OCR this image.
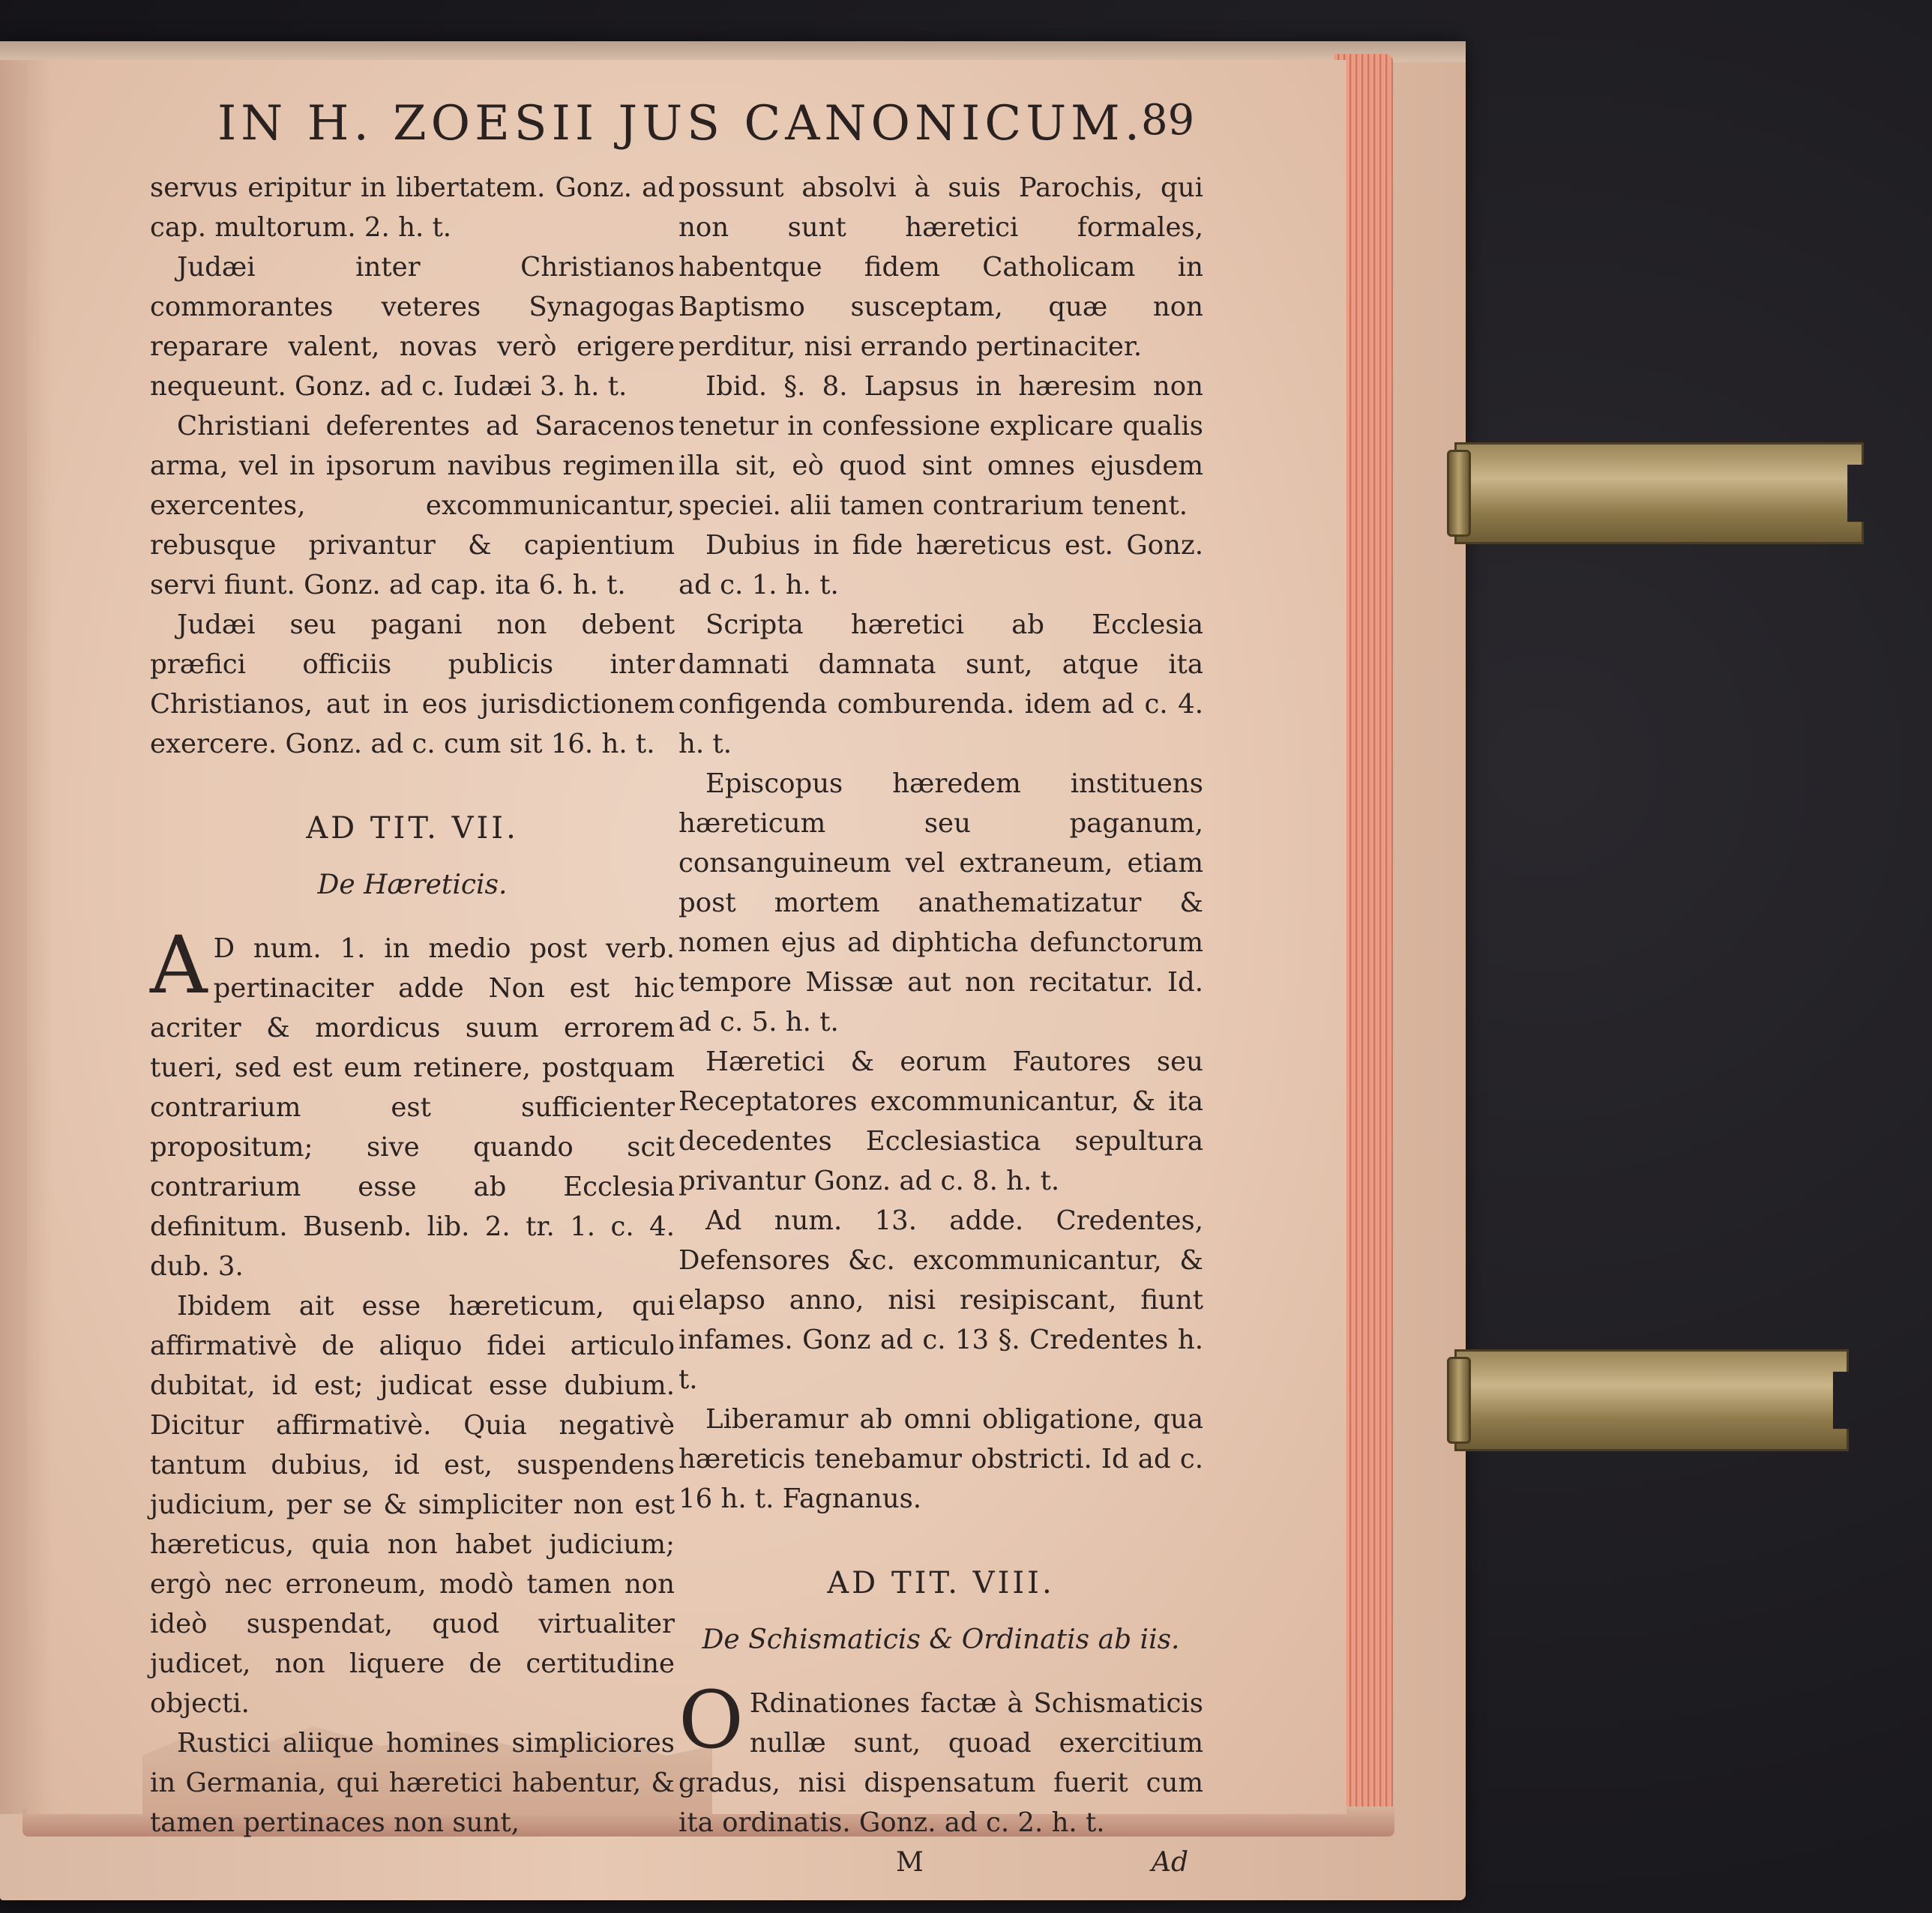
IN H. ZOESII JUS CANONICUM.
89

servus eripitur in libertatem. Gonz. ad cap. multorum. 2. h. t.

Judæi inter Christianos commorantes veteres Synagogas reparare valent, novas verò erigere nequeunt. Gonz. ad c. Iudæi 3. h. t.

Christiani deferentes ad Saracenos arma, vel in ipsorum navibus regimen exercentes, excommunicantur, rebusque privantur & capientium servi fiunt. Gonz. ad cap. ita 6. h. t.

Judæi seu pagani non debent præfici officiis publicis inter Christianos, aut in eos jurisdictionem exercere. Gonz. ad c. cum sit 16. h. t.

AD TIT. VII.
De Hæreticis.

A D num. 1. in medio post verb. pertinaciter adde Non est hic acriter & mordicus suum errorem tueri, sed est eum retinere, postquam contrarium est sufficienter propositum; sive quando scit contrarium esse ab Ecclesia definitum. Busenb. lib. 2. tr. 1. c. 4. dub. 3.

Ibidem ait esse hæreticum, qui affirmativè de aliquo fidei articulo dubitat, id est; judicat esse dubium. Dicitur affirmativè. Quia negativè tantum dubius, id est, suspendens judicium, per se & simpliciter non est hæreticus, quia non habet judicium; ergò nec erroneum, modò tamen non ideò suspendat, quod virtualiter judicet, non liquere de certitudine objecti.

Rustici aliique homines simpliciores in Germania, qui hæretici habentur, & tamen pertinaces non sunt,

possunt absolvi à suis Parochis, qui non sunt hæretici formales, habentque fidem Catholicam in Baptismo susceptam, quæ non perditur, nisi errando pertinaciter.

Ibid. §. 8. Lapsus in hæresim non tenetur in confessione explicare qualis illa sit, eò quod sint omnes ejusdem speciei. alii tamen contrarium tenent.

Dubius in fide hæreticus est. Gonz. ad c. 1. h. t.

Scripta hæretici ab Ecclesia damnati damnata sunt, atque ita configenda comburenda. idem ad c. 4. h. t.

Episcopus hæredem instituens hæreticum seu paganum, consanguineum vel extraneum, etiam post mortem anathematizatur & nomen ejus ad diphticha defunctorum tempore Missæ aut non recitatur. Id. ad c. 5. h. t.

Hæretici & eorum Fautores seu Receptatores excommunicantur, & ita decedentes Ecclesiastica sepultura privantur Gonz. ad c. 8. h. t.

Ad num. 13. adde. Credentes, Defensores &c. excommunicantur, & elapso anno, nisi resipiscant, fiunt infames. Gonz ad c. 13 §. Credentes h. t.

Liberamur ab omni obligatione, qua hæreticis tenebamur obstricti. Id ad c. 16 h. t. Fagnanus.

AD TIT. VIII.
De Schismaticis & Ordinatis ab iis.

O Rdinationes factæ à Schismaticis nullæ sunt, quoad exercitium gradus, nisi dispensatum fuerit cum ita ordinatis. Gonz. ad c. 2. h. t.

M	Ad
